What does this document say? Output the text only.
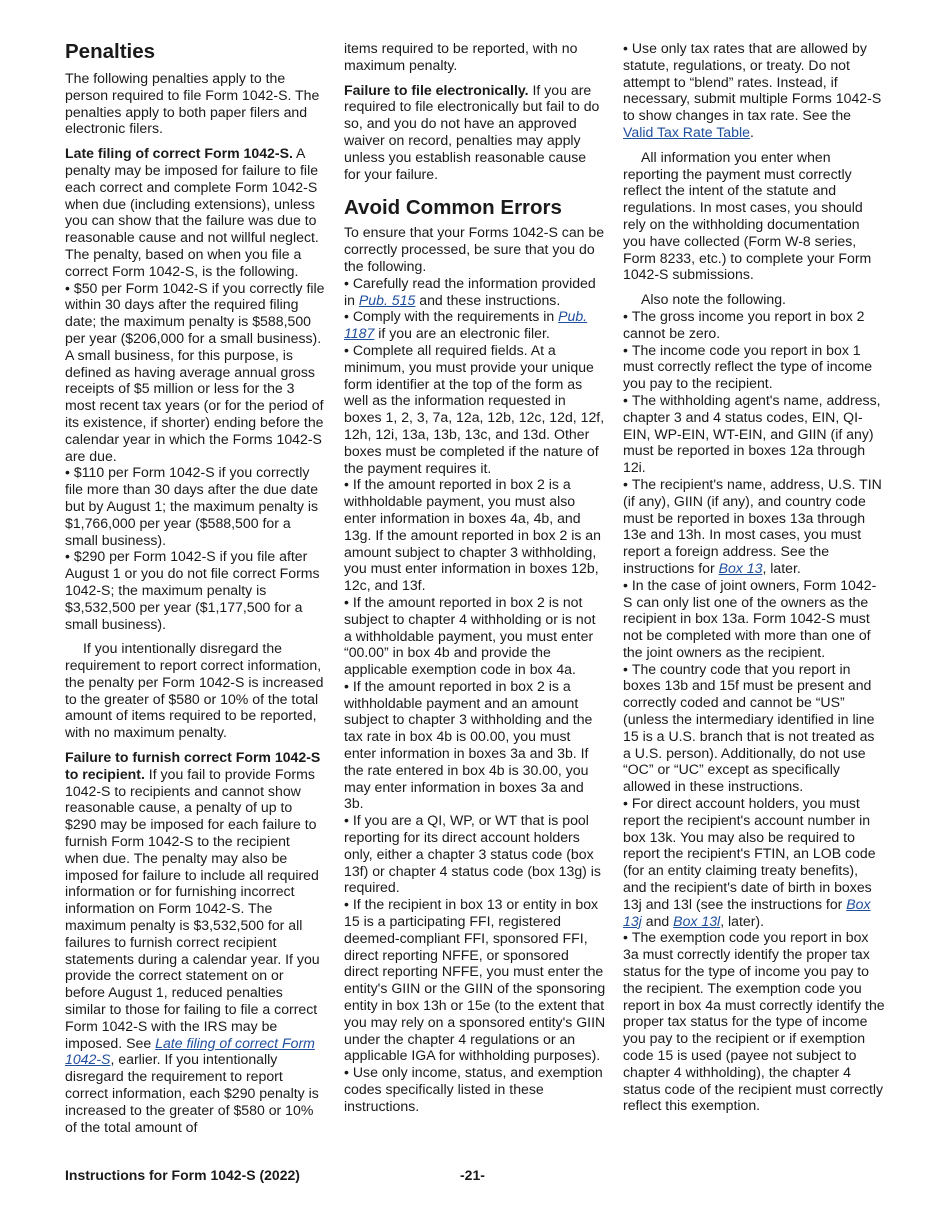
Penalties

The following penalties apply to the person required to file Form 1042-S. The penalties apply to both paper filers and electronic filers.

Late filing of correct Form 1042-S. A penalty may be imposed for failure to file each correct and complete Form 1042-S when due (including extensions), unless you can show that the failure was due to reasonable cause and not willful neglect. The penalty, based on when you file a correct Form 1042-S, is the following.

• $50 per Form 1042-S if you correctly file within 30 days after the required filing date; the maximum penalty is $588,500 per year ($206,000 for a small business). A small business, for this purpose, is defined as having average annual gross receipts of $5 million or less for the 3 most recent tax years (or for the period of its existence, if shorter) ending before the calendar year in which the Forms 1042-S are due.
• $110 per Form 1042-S if you correctly file more than 30 days after the due date but by August 1; the maximum penalty is $1,766,000 per year ($588,500 for a small business).

• $290 per Form 1042-S if you file after August 1 or you do not file correct Forms 1042-S; the maximum penalty is $3,532,500 per year ($1,177,500 for a small business).

If you intentionally disregard the requirement to report correct information, the penalty per Form 1042-S is increased to the greater of $580 or 10% of the total amount of items required to be reported, with no maximum penalty.

Failure to furnish correct Form 1042-S to recipient. If you fail to provide Forms 1042-S to recipients and cannot show reasonable cause, a penalty of up to $290 may be imposed for each failure to furnish Form 1042-S to the recipient when due. The penalty may also be imposed for failure to include all required information or for furnishing incorrect information on Form 1042-S. The maximum penalty is $3,532,500 for all failures to furnish correct recipient statements during a calendar year. If you provide the correct statement on or before August 1, reduced penalties similar to those for failing to file a correct Form 1042-S with the IRS may be imposed. See Late filing of correct Form 1042-S, earlier. If you intentionally disregard the requirement to report correct information, each $290 penalty is increased to the greater of $580 or 10% of the total amount of

items required to be reported, with no maximum penalty.

Failure to file electronically. If you are required to file electronically but fail to do so, and you do not have an approved waiver on record, penalties may apply unless you establish reasonable cause for your failure.

Avoid Common Errors
To ensure that your Forms 1042-S can be correctly processed, be sure that you do the following.
• Carefully read the information provided in Pub. 515 and these instructions.
• Comply with the requirements in Pub. 1187 if you are an electronic filer.
• Complete all required fields. At a minimum, you must provide your unique form identifier at the top of the form as well as the information requested in boxes 1, 2, 3, 7a, 12a, 12b, 12c, 12d, 12f, 12h, 12i, 13a, 13b, 13c, and 13d. Other boxes must be completed if the nature of the payment requires it.
• If the amount reported in box 2 is a withholdable payment, you must also enter information in boxes 4a, 4b, and 13g. If the amount reported in box 2 is an amount subject to chapter 3 withholding, you must enter information in boxes 12b, 12c, and 13f.
• If the amount reported in box 2 is not subject to chapter 4 withholding or is not a withholdable payment, you must enter “00.00” in box 4b and provide the applicable exemption code in box 4a.
• If the amount reported in box 2 is a withholdable payment and an amount subject to chapter 3 withholding and the tax rate in box 4b is 00.00, you must enter information in boxes 3a and 3b. If the rate entered in box 4b is 30.00, you may enter information in boxes 3a and 3b.
• If you are a QI, WP, or WT that is pool reporting for its direct account holders only, either a chapter 3 status code (box 13f) or chapter 4 status code (box 13g) is required.
• If the recipient in box 13 or entity in box 15 is a participating FFI, registered deemed-compliant FFI, sponsored FFI, direct reporting NFFE, or sponsored direct reporting NFFE, you must enter the entity's GIIN or the GIIN of the sponsoring entity in box 13h or 15e (to the extent that you may rely on a sponsored entity's GIIN under the chapter 4 regulations or an applicable IGA for withholding purposes).
• Use only income, status, and exemption codes specifically listed in these instructions.

• Use only tax rates that are allowed by statute, regulations, or treaty. Do not attempt to “blend” rates. Instead, if necessary, submit multiple Forms 1042-S to show changes in tax rate. See the Valid Tax Rate Table.

All information you enter when reporting the payment must correctly reflect the intent of the statute and regulations. In most cases, you should rely on the withholding documentation you have collected (Form W-8 series, Form 8233, etc.) to complete your Form 1042-S submissions.

Also note the following.
• The gross income you report in box 2 cannot be zero.
• The income code you report in box 1 must correctly reflect the type of income you pay to the recipient.
• The withholding agent's name, address, chapter 3 and 4 status codes, EIN, QI-EIN, WP-EIN, WT-EIN, and GIIN (if any) must be reported in boxes 12a through 12i.
• The recipient's name, address, U.S. TIN (if any), GIIN (if any), and country code must be reported in boxes 13a through 13e and 13h. In most cases, you must report a foreign address. See the instructions for Box 13, later.
• In the case of joint owners, Form 1042-S can only list one of the owners as the recipient in box 13a. Form 1042-S must not be completed with more than one of the joint owners as the recipient.
• The country code that you report in boxes 13b and 15f must be present and correctly coded and cannot be “US” (unless the intermediary identified in line 15 is a U.S. branch that is not treated as a U.S. person). Additionally, do not use “OC” or “UC” except as specifically allowed in these instructions.
• For direct account holders, you must report the recipient's account number in box 13k. You may also be required to report the recipient's FTIN, an LOB code (for an entity claiming treaty benefits), and the recipient's date of birth in boxes 13j and 13l (see the instructions for Box 13j and Box 13l, later).
• The exemption code you report in box 3a must correctly identify the proper tax status for the type of income you pay to the recipient. The exemption code you report in box 4a must correctly identify the proper tax status for the type of income you pay to the recipient or if exemption code 15 is used (payee not subject to chapter 4 withholding), the chapter 4 status code of the recipient must correctly reflect this exemption.
Instructions for Form 1042-S (2022)	-21-
